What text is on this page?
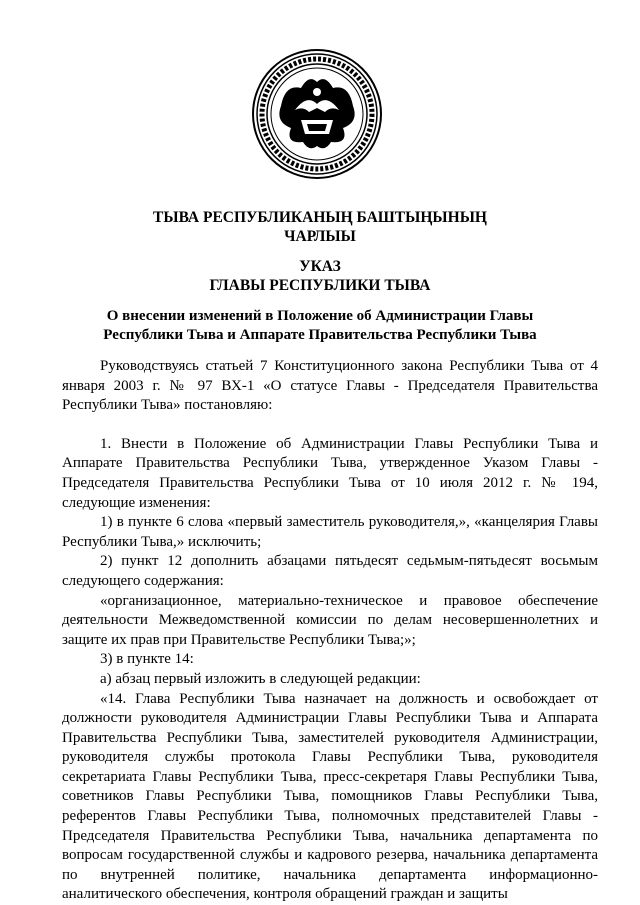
ТЫВА РЕСПУБЛИКАНЫҢ БАШТЫҢЫНЫҢ
ЧАРЛЫЫ
УКАЗ
ГЛАВЫ РЕСПУБЛИКИ ТЫВА
О внесении изменений в Положение об Администрации Главы
Республики Тыва и Аппарате Правительства Республики Тыва

Руководствуясь статьей 7 Конституционного закона Республики Тыва от 4 января 2003 г. № 97 ВХ-1 «О статусе Главы - Председателя Правительства Республики Тыва» постановляю:

1. Внести в Положение об Администрации Главы Республики Тыва и Аппарате Правительства Республики Тыва, утвержденное Указом Главы - Председателя Правительства Республики Тыва от 10 июля 2012 г. № 194, следующие изменения:

1) в пункте 6 слова «первый заместитель руководителя,», «канцелярия Главы Республики Тыва,» исключить;

2) пункт 12 дополнить абзацами пятьдесят седьмым-пятьдесят восьмым следующего содержания:

«организационное, материально-техническое и правовое обеспечение деятельности Межведомственной комиссии по делам несовершеннолетних и защите их прав при Правительстве Республики Тыва;»;

3) в пункте 14:

а) абзац первый изложить в следующей редакции:

«14. Глава Республики Тыва назначает на должность и освобождает от должности руководителя Администрации Главы Республики Тыва и Аппарата Правительства Республики Тыва, заместителей руководителя Администрации, руководителя службы протокола Главы Республики Тыва, руководителя секретариата Главы Республики Тыва, пресс-секретаря Главы Республики Тыва, советников Главы Республики Тыва, помощников Главы Республики Тыва, референтов Главы Республики Тыва, полномочных представителей Главы - Председателя Правительства Республики Тыва, начальника департамента по вопросам государственной службы и кадрового резерва, начальника департамента по внутренней политике, начальника департамента информационно-аналитического обеспечения, контроля обращений граждан и защиты
